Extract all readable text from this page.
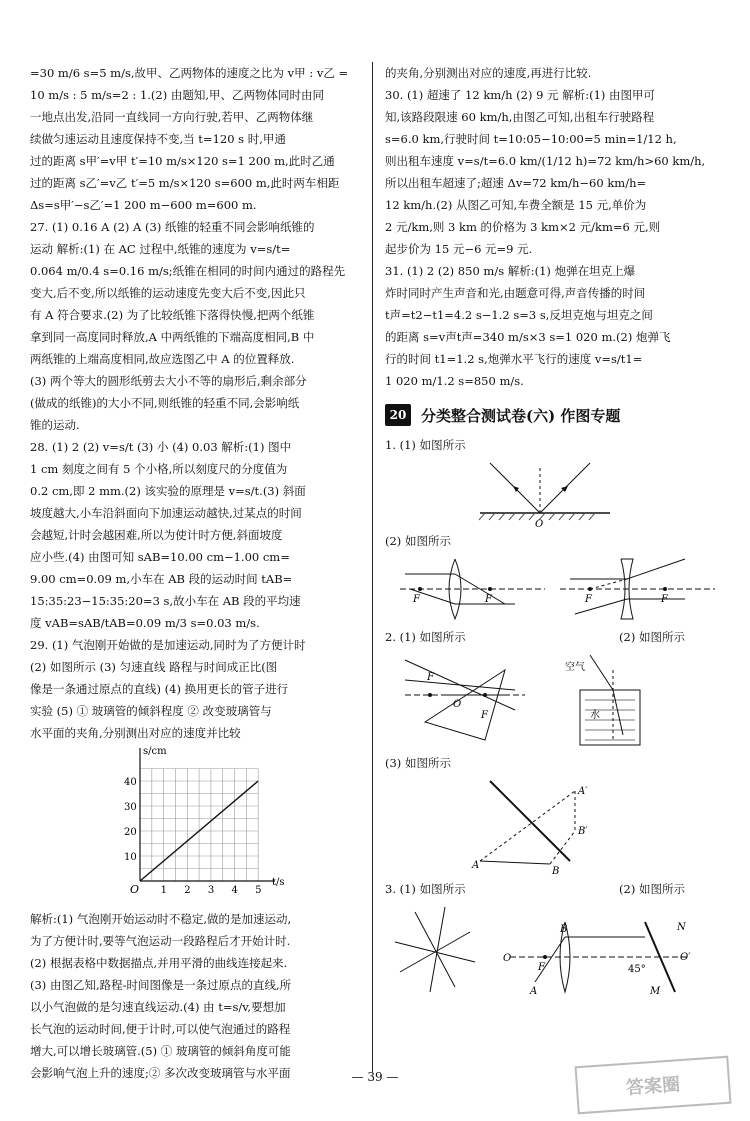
=30 m/6 s=5 m/s,故甲、乙两物体的速度之比为 v甲 : v乙 =

10 m/s : 5 m/s=2 : 1.(2) 由题知,甲、乙两物体同时由同

一地点出发,沿同一直线同一方向行驶,若甲、乙两物体继

续做匀速运动且速度保持不变,当 t=120 s 时,甲通

过的距离 s甲′=v甲 t′=10 m/s×120 s=1 200 m,此时乙通

过的距离 s乙′=v乙 t′=5 m/s×120 s=600 m,此时两车相距

Δs=s甲′−s乙′=1 200 m−600 m=600 m.

27. (1) 0.16 A (2) A (3) 纸锥的轻重不同会影响纸锥的

运动 解析:(1) 在 AC 过程中,纸锥的速度为 v=s/t=

0.064 m/0.4 s=0.16 m/s;纸锥在相同的时间内通过的路程先

变大,后不变,所以纸锥的运动速度先变大后不变,因此只

有 A 符合要求.(2) 为了比较纸锥下落得快慢,把两个纸锥

拿到同一高度同时释放,A 中两纸锥的下端高度相同,B 中

两纸锥的上端高度相同,故应选图乙中 A 的位置释放.

(3) 两个等大的圆形纸剪去大小不等的扇形后,剩余部分

(做成的纸锥)的大小不同,则纸锥的轻重不同,会影响纸

锥的运动.

28. (1) 2 (2) v=s/t (3) 小 (4) 0.03 解析:(1) 图中

1 cm 刻度之间有 5 个小格,所以刻度尺的分度值为

0.2 cm,即 2 mm.(2) 该实验的原理是 v=s/t.(3) 斜面

坡度越大,小车沿斜面向下加速运动越快,过某点的时间

会越短,计时会越困难,所以为使计时方便,斜面坡度

应小些.(4) 由图可知 sAB=10.00 cm−1.00 cm=

9.00 cm=0.09 m,小车在 AB 段的运动时间 tAB=

15:35:23−15:35:20=3 s,故小车在 AB 段的平均速

度 vAB=sAB/tAB=0.09 m/3 s=0.03 m/s.

29. (1) 气泡刚开始做的是加速运动,同时为了方便计时

(2) 如图所示 (3) 匀速直线 路程与时间成正比(图

像是一条通过原点的直线) (4) 换用更长的管子进行

实验 (5) ① 玻璃管的倾斜程度 ② 改变玻璃管与

水平面的夹角,分别测出对应的速度并比较

1 2 3 4 5
10
20
30
40
s/cm
t/s
O

解析:(1) 气泡刚开始运动时不稳定,做的是加速运动,

为了方便计时,要等气泡运动一段路程后才开始计时.

(2) 根据表格中数据描点,并用平滑的曲线连接起来.

(3) 由图乙知,路程-时间图像是一条过原点的直线,所

以小气泡做的是匀速直线运动.(4) 由 t=s/v,要想加

长气泡的运动时间,便于计时,可以使气泡通过的路程

增大,可以增长玻璃管.(5) ① 玻璃管的倾斜角度可能

会影响气泡上升的速度;② 多次改变玻璃管与水平面

的夹角,分别测出对应的速度,再进行比较.

30. (1) 超速了 12 km/h (2) 9 元 解析:(1) 由图甲可

知,该路段限速 60 km/h,由图乙可知,出租车行驶路程

s=6.0 km,行驶时间 t=10:05−10:00=5 min=1/12 h,

则出租车速度 v=s/t=6.0 km/(1/12 h)=72 km/h>60 km/h,

所以出租车超速了;超速 Δv=72 km/h−60 km/h=

12 km/h.(2) 从图乙可知,车费全额是 15 元,单价为

2 元/km,则 3 km 的价格为 3 km×2 元/km=6 元,则

起步价为 15 元−6 元=9 元.

31. (1) 2 (2) 850 m/s 解析:(1) 炮弹在坦克上爆

炸时同时产生声音和光,由题意可得,声音传播的时间

t声=t2−t1=4.2 s−1.2 s=3 s,反坦克炮与坦克之间

的距离 s=v声t声=340 m/s×3 s=1 020 m.(2) 炮弹飞

行的时间 t1=1.2 s,炮弹水平飞行的速度 v=s/t1=

1 020 m/1.2 s=850 m/s.

20 分类整合测试卷(六) 作图专题

1. (1) 如图所示

O

(2) 如图所示

F	F	F	F

2. (1) 如图所示	(2) 如图所示

F
O
F
空气
水

(3) 如图所示

A
B
A′
B′

3. (1) 如图所示	(2) 如图所示

O
F
B
A
N
O′
M
45°
— 39 —	答案圈
